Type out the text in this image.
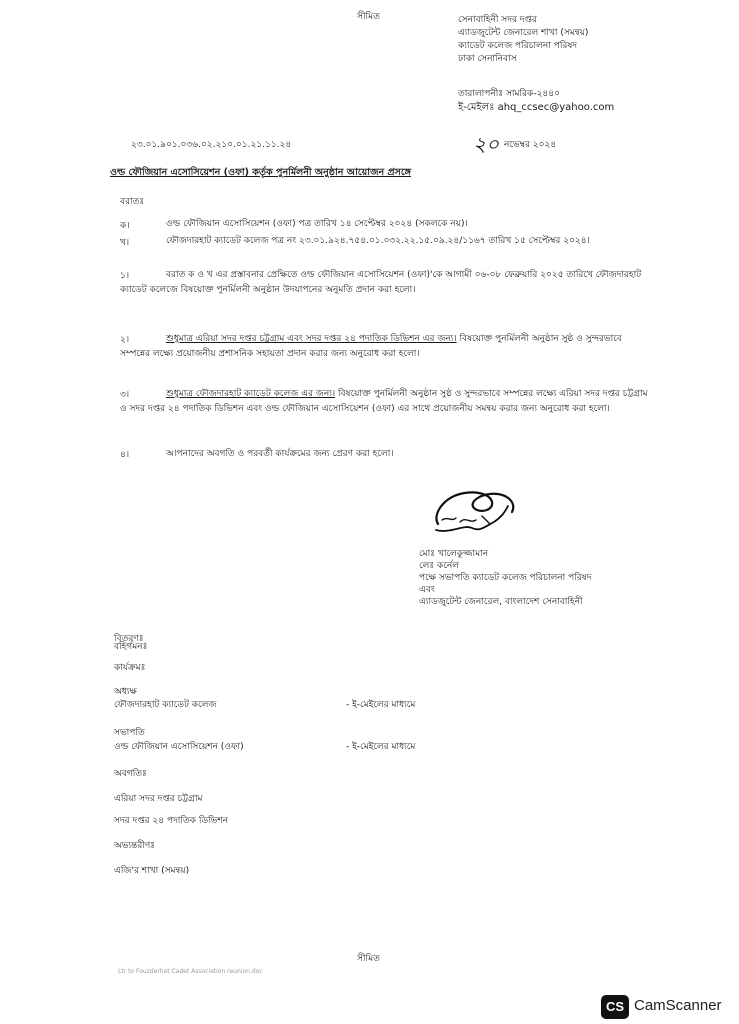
সীমিত	সেনাবাহিনী সদর দপ্তর
এ্যাডজুটেন্ট জেনারেল শাখা (সমন্বয়)
ক্যাডেট কলেজ পরিচালনা পরিষদ
ঢাকা সেনানিবাস
তারালাপনীঃ সামরিক-২৪৪০
ই-মেইলঃ ahq_ccsec@yahoo.com
২৩.০১.৯০১.০৩৬.০২.২১০.০১.২১.১১.২৪	২০ নভেম্বর ২০২৪
ওল্ড ফৌজিয়ান এসোসিয়েশন (ওফা) কর্তৃক পুনর্মিলনী অনুষ্ঠান আয়োজন প্রসঙ্গে
বরাতঃ
ক।	ওল্ড ফৌজিয়ান এসোসিয়েশন (ওফা) পত্র তারিখ ১৪ সেপ্টেম্বর ২০২৪ (সকলকে নয়)।
খ।	ফৌজদারহাট ক্যাডেট কলেজ পত্র নং ২৩.০১.৯২৪.৭৫৪.০১.০৩২.২২.১৫.০৯.২৪/১১৬৭ তারিখ ১৫ সেপ্টেম্বর ২০২৪।
১।	বরাত ক ও খ এর প্রস্তাবনার প্রেক্ষিতে ওল্ড ফৌজিয়ান এসোসিয়েশন (ওফা)'কে আগামী ০৬-০৮ ফেব্রুয়ারি ২০২৫ তারিখে ফৌজদারহাট ক্যাডেট কলেজে বিষয়োক্ত পুনর্মিলনী অনুষ্ঠান উদযাপনের অনুমতি প্রদান করা হলো।
২।	শুধুমাত্র এরিয়া সদর দপ্তর চট্টগ্রাম এবং সদর দপ্তর ২৪ পদাতিক ডিভিশন এর জন্য। বিষয়োক্ত পুনর্মিলনী অনুষ্ঠান সুষ্ঠ ও সুন্দরভাবে সম্পন্নের লক্ষ্যে প্রয়োজনীয় প্রশাসনিক সহায়তা প্রদান করার জন্য অনুরোধ করা হলো।
৩।	শুধুমাত্র ফৌজদারহাট ক্যাডেট কলেজ এর জন্য। বিষয়োক্ত পুনর্মিলনী অনুষ্ঠান সুষ্ঠ ও সুন্দরভাবে সম্পন্নের লক্ষ্যে এরিয়া সদর দপ্তর চট্টগ্রাম ও সদর দপ্তর ২৪ পদাতিক ডিভিশন এবং ওল্ড ফৌজিয়ান এসোসিয়েশন (ওফা) এর সাথে প্রয়োজনীয় সমন্বয় করার জন্য অনুরোধ করা হলো।
৪।	আপনাদের অবগতি ও পরবর্তী কার্যক্রমের জন্য প্রেরণ করা হলো।
মোঃ খালেকুজ্জামান
লেঃ কর্নেল
পক্ষে সভাপতি ক্যাডেট কলেজ পরিচালনা পরিষদ
এবং
এ্যাডজুটেন্ট জেনারেল, বাংলাদেশ সেনাবাহিনী
বিতরণঃ
বহির্গমনঃ
কার্যক্রমঃ
অধ্যক্ষ
ফৌজদারহাট ক্যাডেট কলেজ	- ই-মেইলের মাধ্যমে
সভাপতি
ওল্ড ফৌজিয়ান এসোসিয়েশন (ওফা)	- ই-মেইলের মাধ্যমে
অবগতিঃ
এরিয়া সদর দপ্তর চট্টগ্রাম
সদর দপ্তর ২৪ পদাতিক ডিভিশন
অভ্যন্তরীণঃ
এজি'র শাখা (সমন্বয়)
সীমিত
Ltr to Fouzderhat Cadet Association reunion.doc
CS CamScanner
